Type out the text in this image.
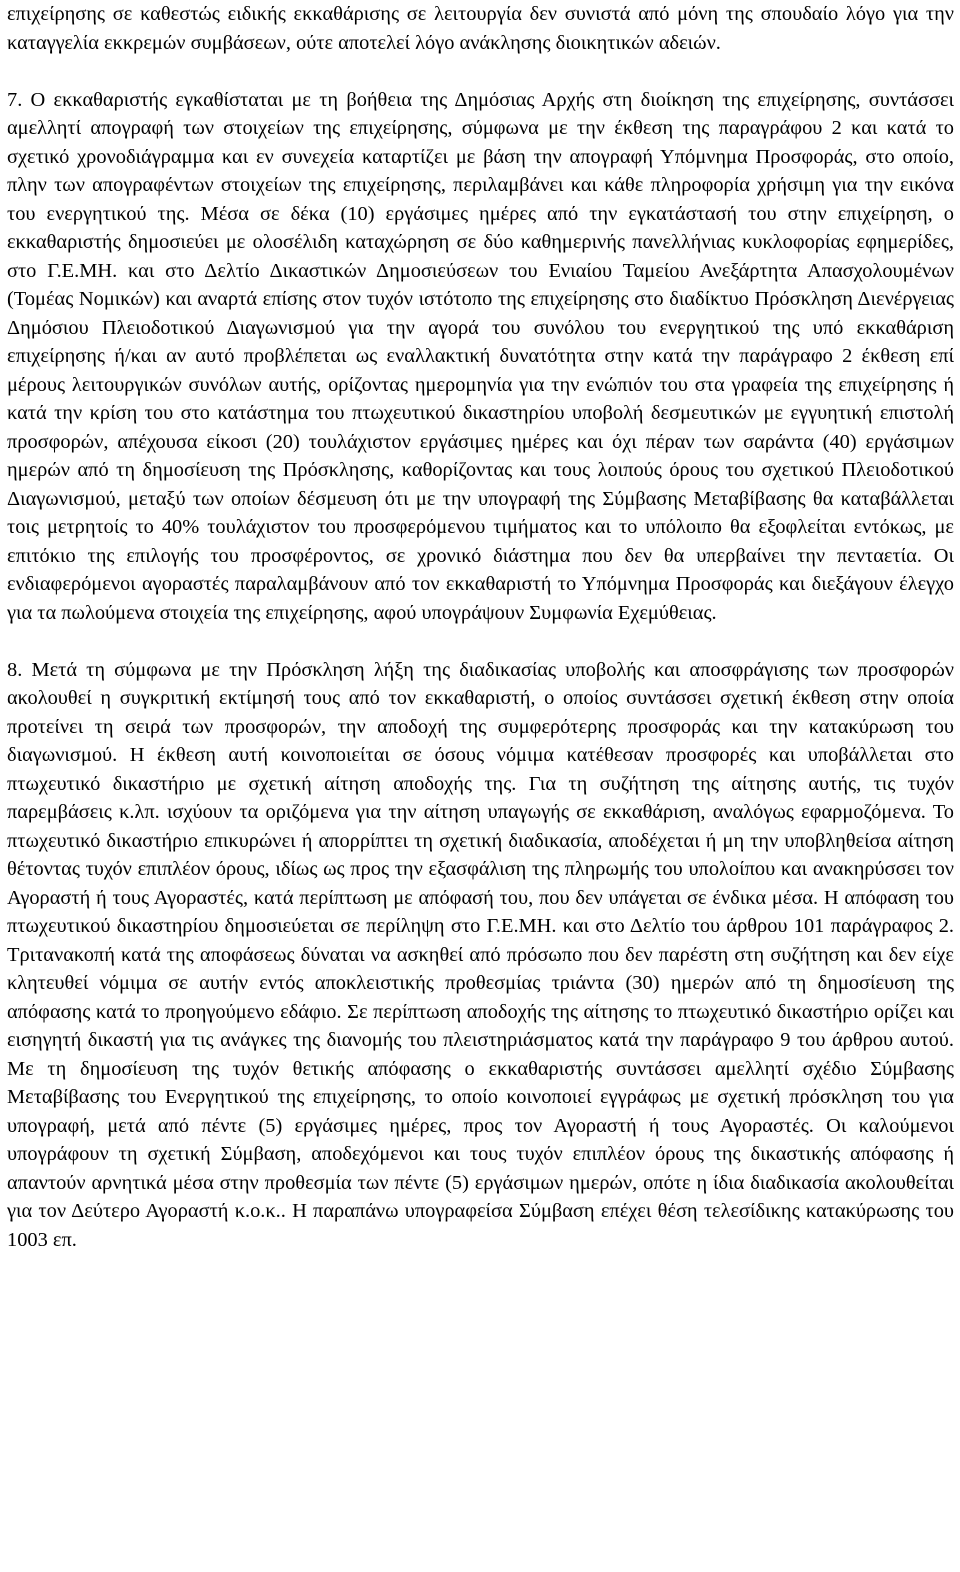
επιχείρησης σε καθεστώς ειδικής εκκαθάρισης σε λειτουργία δεν συνιστά από μόνη της σπουδαίο λόγο για την καταγγελία εκκρεμών συμβάσεων, ούτε αποτελεί λόγο ανάκλησης διοικητικών αδειών.

7. Ο εκκαθαριστής εγκαθίσταται με τη βοήθεια της Δημόσιας Αρχής στη διοίκηση της επιχείρησης, συντάσσει αμελλητί απογραφή των στοιχείων της επιχείρησης, σύμφωνα με την έκθεση της παραγράφου 2 και κατά το σχετικό χρονοδιάγραμμα και εν συνεχεία καταρτίζει με βάση την απογραφή Υπόμνημα Προσφοράς, στο οποίο, πλην των απογραφέντων στοιχείων της επιχείρησης, περιλαμβάνει και κάθε πληροφορία χρήσιμη για την εικόνα του ενεργητικού της. Μέσα σε δέκα (10) εργάσιμες ημέρες από την εγκατάστασή του στην επιχείρηση, ο εκκαθαριστής δημοσιεύει με ολοσέλιδη καταχώρηση σε δύο καθημερινής πανελλήνιας κυκλοφορίας εφημερίδες, στο Γ.Ε.ΜΗ. και στο Δελτίο Δικαστικών Δημοσιεύσεων του Ενιαίου Ταμείου Ανεξάρτητα Απασχολουμένων (Τομέας Νομικών) και αναρτά επίσης στον τυχόν ιστότοπο της επιχείρησης στο διαδίκτυο Πρόσκληση Διενέργειας Δημόσιου Πλειοδοτικού Διαγωνισμού για την αγορά του συνόλου του ενεργητικού της υπό εκκαθάριση επιχείρησης ή/και αν αυτό προβλέπεται ως εναλλακτική δυνατότητα στην κατά την παράγραφο 2 έκθεση επί μέρους λειτουργικών συνόλων αυτής, ορίζοντας ημερομηνία για την ενώπιόν του στα γραφεία της επιχείρησης ή κατά την κρίση του στο κατάστημα του πτωχευτικού δικαστηρίου υποβολή δεσμευτικών με εγγυητική επιστολή προσφορών, απέχουσα είκοσι (20) τουλάχιστον εργάσιμες ημέρες και όχι πέραν των σαράντα (40) εργάσιμων ημερών από τη δημοσίευση της Πρόσκλησης, καθορίζοντας και τους λοιπούς όρους του σχετικού Πλειοδοτικού Διαγωνισμού, μεταξύ των οποίων δέσμευση ότι με την υπογραφή της Σύμβασης Μεταβίβασης θα καταβάλλεται τοις μετρητοίς το 40% τουλάχιστον του προσφερόμενου τιμήματος και το υπόλοιπο θα εξοφλείται εντόκως, με επιτόκιο της επιλογής του προσφέροντος, σε χρονικό διάστημα που δεν θα υπερβαίνει την πενταετία. Οι ενδιαφερόμενοι αγοραστές παραλαμβάνουν από τον εκκαθαριστή το Υπόμνημα Προσφοράς και διεξάγουν έλεγχο για τα πωλούμενα στοιχεία της επιχείρησης, αφού υπογράψουν Συμφωνία Εχεμύθειας.

8. Μετά τη σύμφωνα με την Πρόσκληση λήξη της διαδικασίας υποβολής και αποσφράγισης των προσφορών ακολουθεί η συγκριτική εκτίμησή τους από τον εκκαθαριστή, ο οποίος συντάσσει σχετική έκθεση στην οποία προτείνει τη σειρά των προσφορών, την αποδοχή της συμφερότερης προσφοράς και την κατακύρωση του διαγωνισμού. Η έκθεση αυτή κοινοποιείται σε όσους νόμιμα κατέθεσαν προσφορές και υποβάλλεται στο πτωχευτικό δικαστήριο με σχετική αίτηση αποδοχής της. Για τη συζήτηση της αίτησης αυτής, τις τυχόν παρεμβάσεις κ.λπ. ισχύουν τα οριζόμενα για την αίτηση υπαγωγής σε εκκαθάριση, αναλόγως εφαρμοζόμενα. Το πτωχευτικό δικαστήριο επικυρώνει ή απορρίπτει τη σχετική διαδικασία, αποδέχεται ή μη την υποβληθείσα αίτηση θέτοντας τυχόν επιπλέον όρους, ιδίως ως προς την εξασφάλιση της πληρωμής του υπολοίπου και ανακηρύσσει τον Αγοραστή ή τους Αγοραστές, κατά περίπτωση με απόφασή του, που δεν υπάγεται σε ένδικα μέσα. Η απόφαση του πτωχευτικού δικαστηρίου δημοσιεύεται σε περίληψη στο Γ.Ε.ΜΗ. και στο Δελτίο του άρθρου 101 παράγραφος 2. Τριτανακοπή κατά της αποφάσεως δύναται να ασκηθεί από πρόσωπο που δεν παρέστη στη συζήτηση και δεν είχε κλητευθεί νόμιμα σε αυτήν εντός αποκλειστικής προθεσμίας τριάντα (30) ημερών από τη δημοσίευση της απόφασης κατά το προηγούμενο εδάφιο. Σε περίπτωση αποδοχής της αίτησης το πτωχευτικό δικαστήριο ορίζει και εισηγητή δικαστή για τις ανάγκες της διανομής του πλειστηριάσματος κατά την παράγραφο 9 του άρθρου αυτού. Με τη δημοσίευση της τυχόν θετικής απόφασης ο εκκαθαριστής συντάσσει αμελλητί σχέδιο Σύμβασης Μεταβίβασης του Ενεργητικού της επιχείρησης, το οποίο κοινοποιεί εγγράφως με σχετική πρόσκληση του για υπογραφή, μετά από πέντε (5) εργάσιμες ημέρες, προς τον Αγοραστή ή τους Αγοραστές. Οι καλούμενοι υπογράφουν τη σχετική Σύμβαση, αποδεχόμενοι και τους τυχόν επιπλέον όρους της δικαστικής απόφασης ή απαντούν αρνητικά μέσα στην προθεσμία των πέντε (5) εργάσιμων ημερών, οπότε η ίδια διαδικασία ακολουθείται για τον Δεύτερο Αγοραστή κ.ο.κ.. Η παραπάνω υπογραφείσα Σύμβαση επέχει θέση τελεσίδικης κατακύρωσης του 1003 επ.
